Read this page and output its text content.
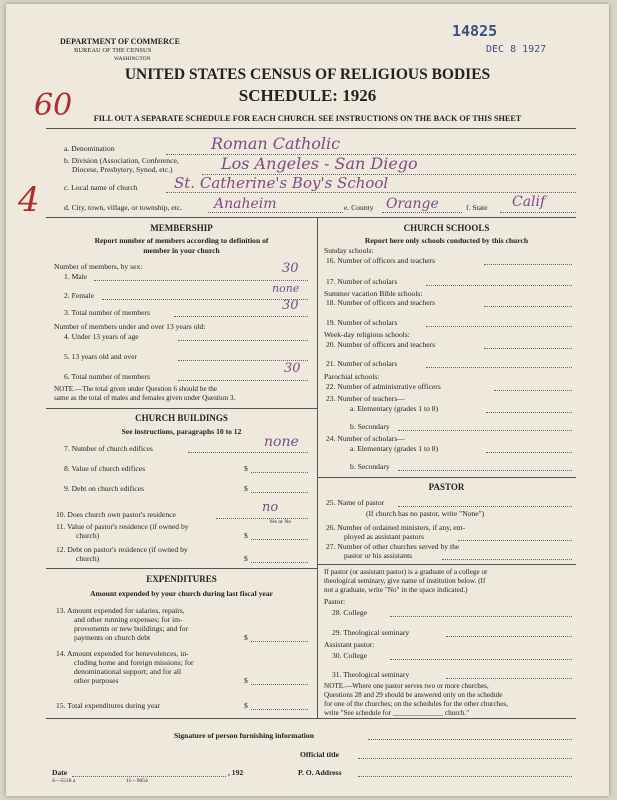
14825
DEC 8 1927
60
4
DEPARTMENT OF COMMERCE
BUREAU OF THE CENSUS
WASHINGTON
UNITED STATES CENSUS OF RELIGIOUS BODIES
SCHEDULE: 1926
FILL OUT A SEPARATE SCHEDULE FOR EACH CHURCH. SEE INSTRUCTIONS ON THE BACK OF THIS SHEET
a. Denomination	Roman Catholic
b. Division (Association, Conference,
Diocese, Presbytery, Synod, etc.)	Los Angeles - San Diego
c. Local name of church St. Catherine's Boy's School
d. City, town, village, or township, etc. Anaheim	e. County Orange	f. State Calif
MEMBERSHIP
Report number of members according to definition of
member in your church
Number of members, by sex:
1. Male
30
2. Female
none
3. Total number of members	30
Number of members under and over 13 years old:
4. Under 13 years of age
5. 13 years old and over
6. Total number of members
30
NOTE.—The total given under Question 6 should be the
same as the total of males and females given under Question 3.
CHURCH BUILDINGS
See instructions, paragraphs 10 to 12
7. Number of church edifices	none
8. Value of church edifices	$
9. Debt on church edifices	$
10. Does church own pastor's residence	no
Yes or No
11. Value of pastor's residence (if owned by
church)	$
12. Debt on pastor's residence (if owned by
church)	$
EXPENDITURES
Amount expended by your church during last fiscal year
13. Amount expended for salaries, repairs,
and other running expenses; for im-
provements or new buildings; and for
payments on church debt	$
14. Amount expended for benevolences, in-
cluding home and foreign missions; for
denominational support; and for all
other purposes	$
15. Total expenditures during year	$
CHURCH SCHOOLS
Report here only schools conducted by this church
Sunday schools:
16. Number of officers and teachers
17. Number of scholars
Summer vacation Bible schools:
18. Number of officers and teachers
19. Number of scholars
Week-day religious schools:
20. Number of officers and teachers
21. Number of scholars
Parochial schools:
22. Number of administrative officers
23. Number of teachers—
a. Elementary (grades 1 to 8)
b. Secondary
24. Number of scholars—
a. Elementary (grades 1 to 8)
b. Secondary
PASTOR
25. Name of pastor
(If church has no pastor, write "None")
26. Number of ordained ministers, if any, em-
ployed as assistant pastors
27. Number of other churches served by the
pastor or his assistants
If pastor (or assistant pastor) is a graduate of a college or
theological seminary, give name of institution below. (If
not a graduate, write "No" in the space indicated.)
Pastor:
28. College
29. Theological seminary
Assistant pastor:
30. College
31. Theological seminary
NOTE.—Where one pastor serves two or more churches,
Questions 28 and 29 should be answered only on the schedule
for one of the churches; on the schedules for the other churches,
write "See schedule for ______________ church."
Signature of person furnishing information
Official title
Date	, 192	P. O. Address
S—5518 a	11—9054
